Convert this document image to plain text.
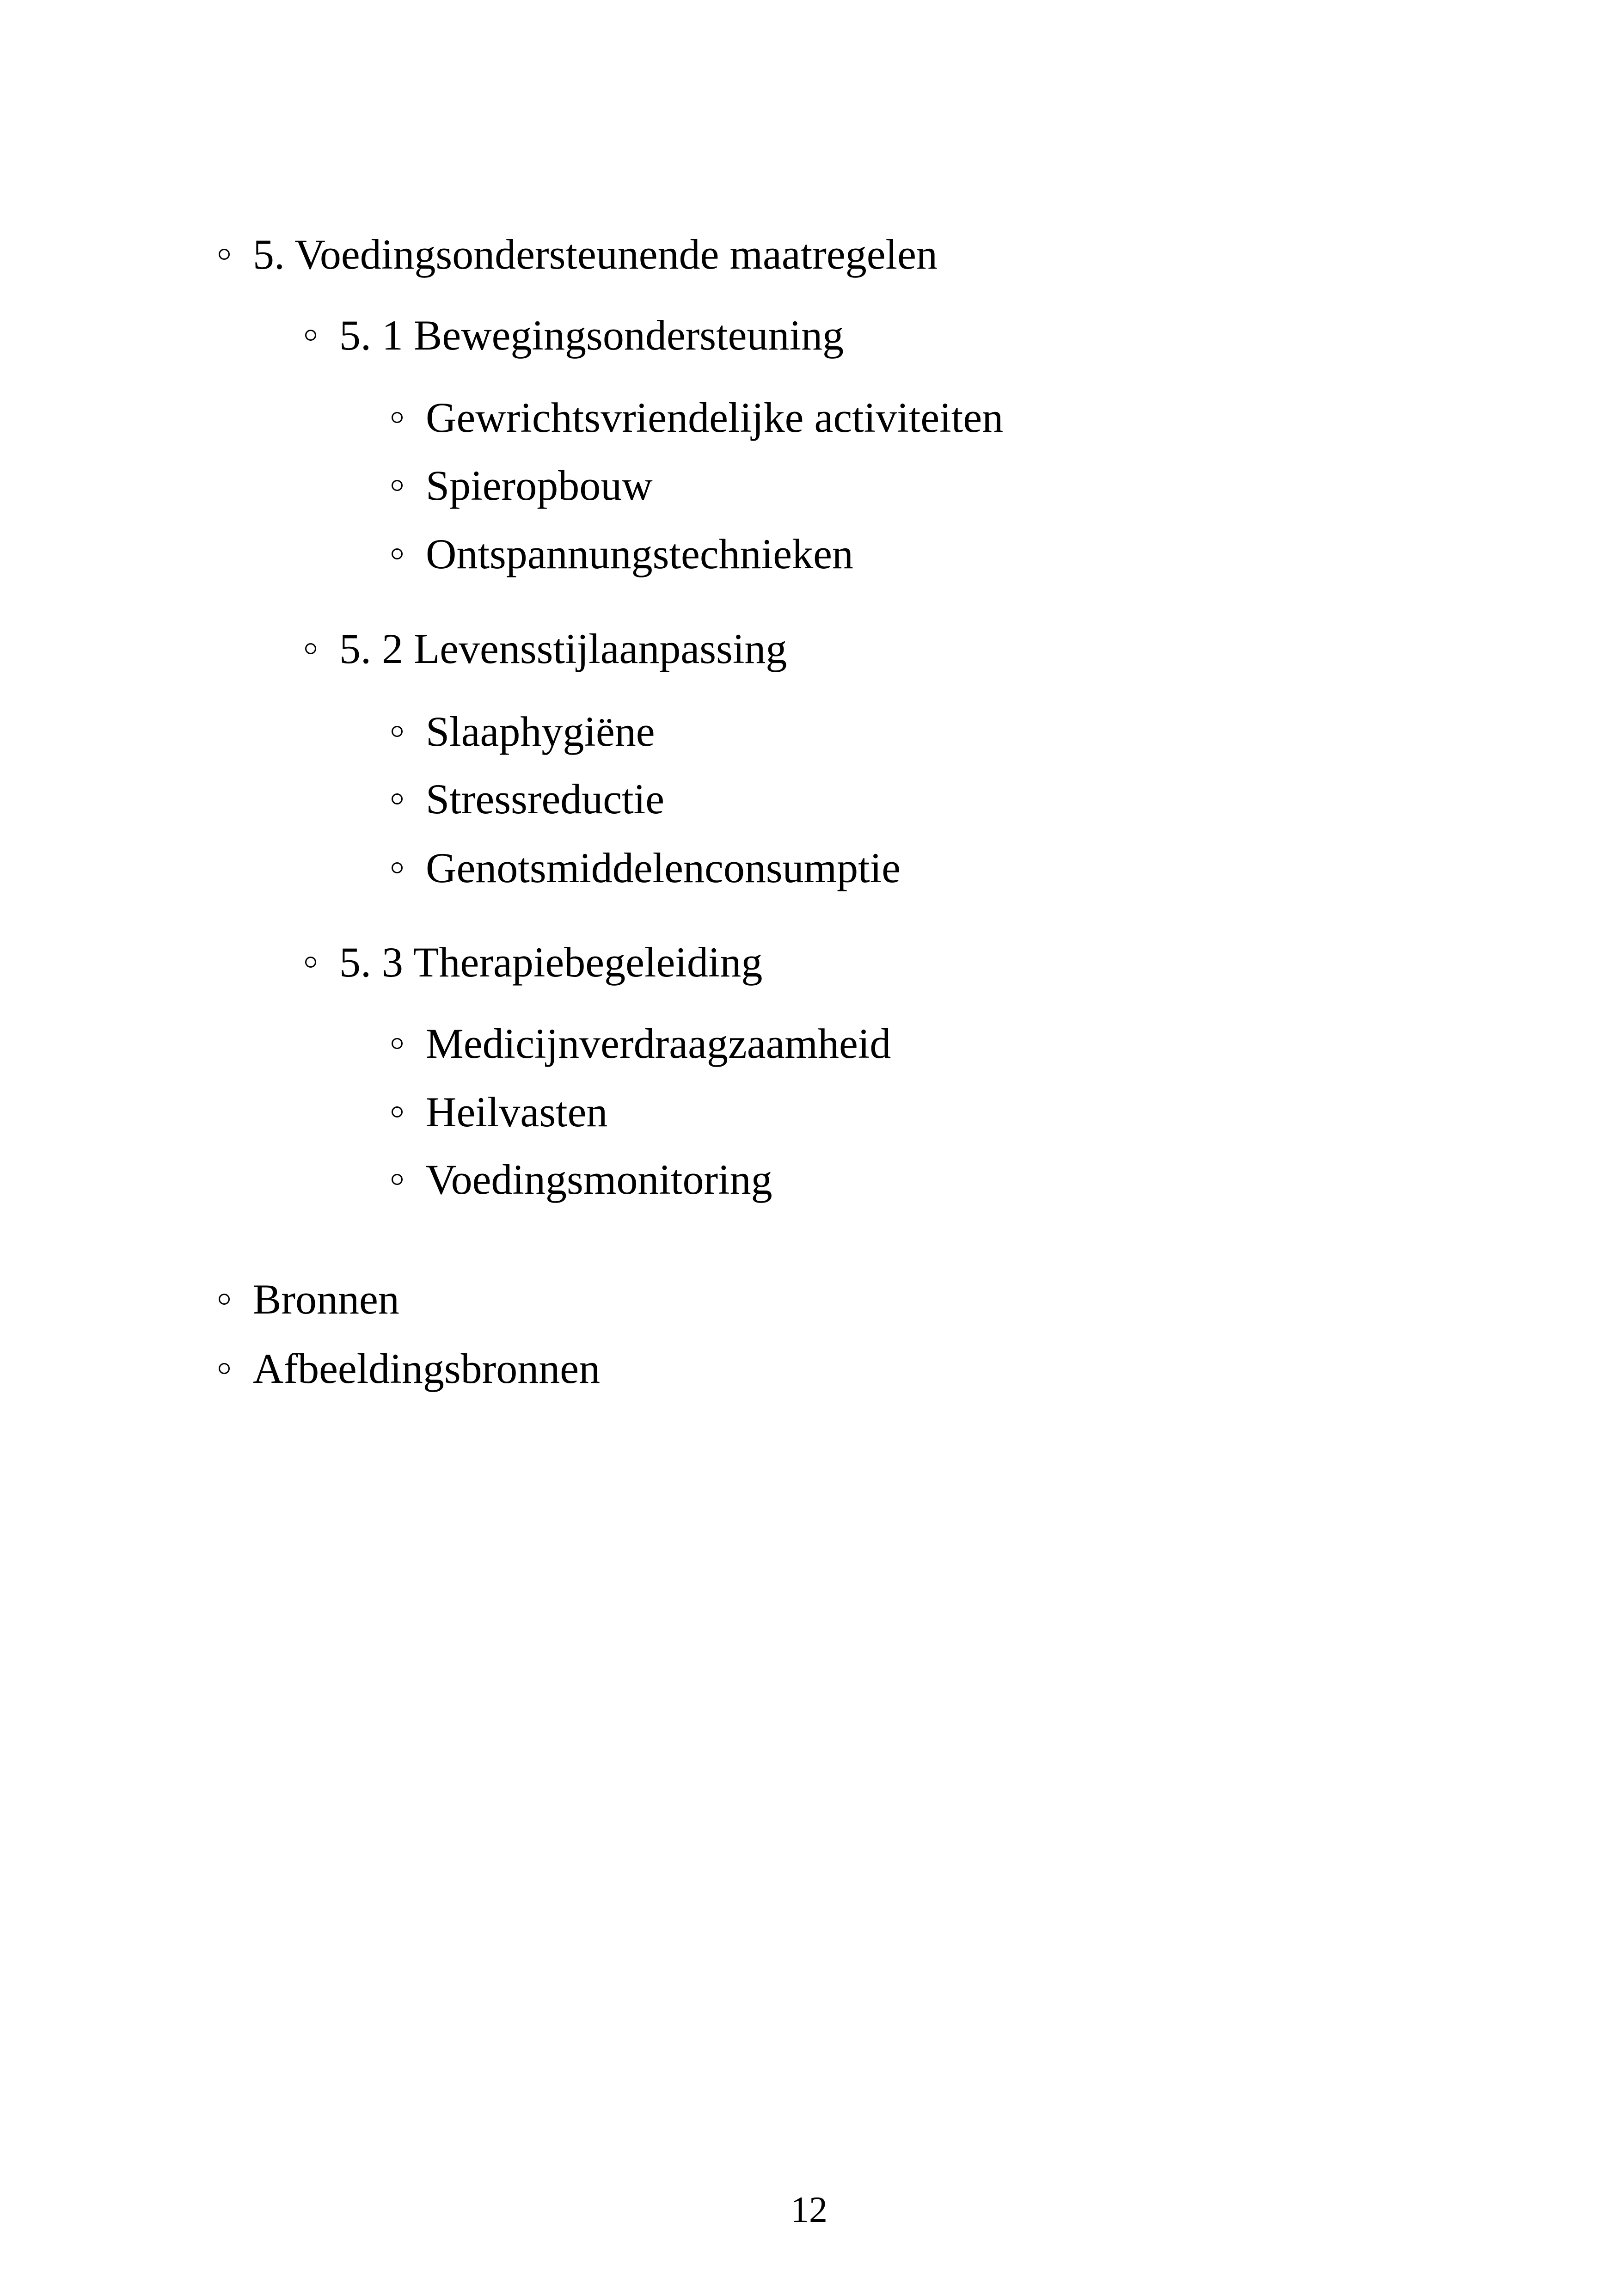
5. Voedingsondersteunende maatregelen
5. 1 Bewegingsondersteuning
Gewrichtsvriendelijke activiteiten
Spieropbouw
Ontspannungstechnieken
5. 2 Levensstijlaanpassing
Slaaphygiëne
Stressreductie
Genotsmiddelenconsumptie
5. 3 Therapiebegeleiding
Medicijnverdraagzaamheid
Heilvasten
Voedingsmonitoring
Bronnen
Afbeeldingsbronnen
12
